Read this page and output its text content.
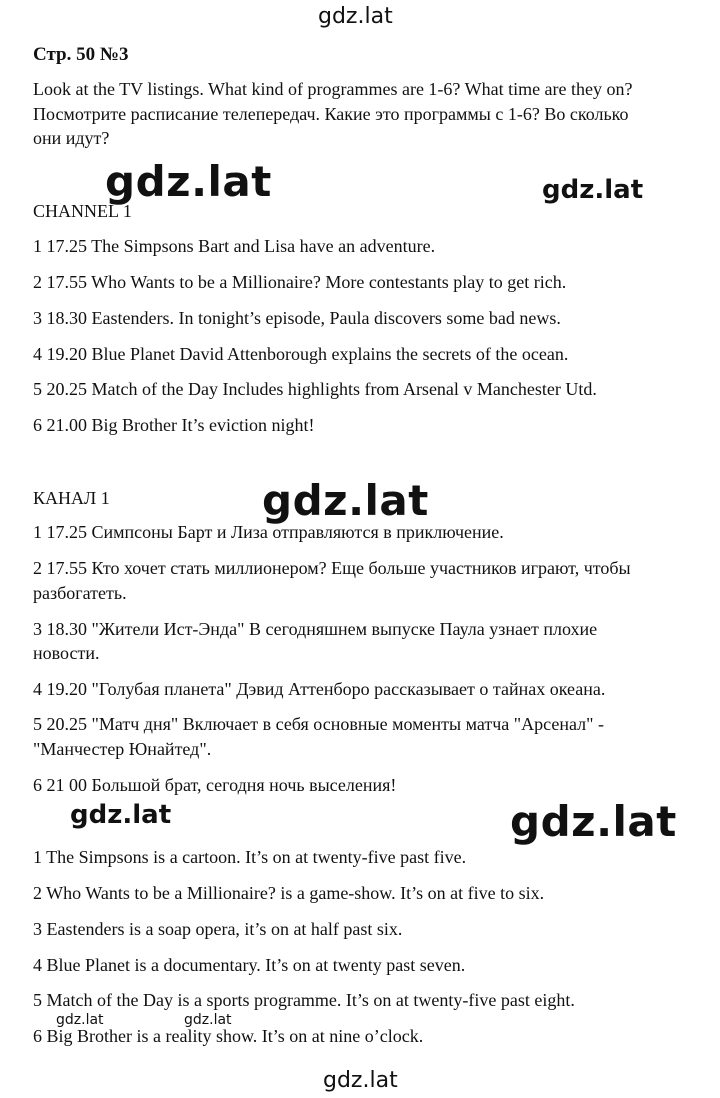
gdz.lat
Стр. 50 №3
Look at the TV listings. What kind of programmes are 1-6? What time are they on?
Посмотрите расписание телепередач. Какие это программы с 1-6? Во сколько
они идут?
CHANNEL 1
gdz.lat	gdz.lat
1 17.25 The Simpsons Bart and Lisa have an adventure.
2 17.55 Who Wants to be a Millionaire? More contestants play to get rich.
3 18.30 Eastenders. In tonight’s episode, Paula discovers some bad news.
4 19.20 Blue Planet David Attenborough explains the secrets of the ocean.
5 20.25 Match of the Day Includes highlights from Arsenal v Manchester Utd.
6 21.00 Big Brother It’s eviction night!
КАНАЛ 1	gdz.lat
1 17.25 Симпсоны Барт и Лиза отправляются в приключение.
2 17.55 Кто хочет стать миллионером? Еще больше участников играют, чтобы
разбогатеть.
3 18.30 "Жители Ист-Энда" В сегодняшнем выпуске Паула узнает плохие
новости.
4 19.20 "Голубая планета" Дэвид Аттенборо рассказывает о тайнах океана.
5 20.25 "Матч дня" Включает в себя основные моменты матча "Арсенал" -
"Манчестер Юнайтед".
6 21 00 Большой брат, сегодня ночь выселения!
gdz.lat	gdz.lat
1 The Simpsons is a cartoon. It’s on at twenty-five past five.
2 Who Wants to be a Millionaire? is a game-show. It’s on at five to six.
3 Eastenders is a soap opera, it’s on at half past six.
4 Blue Planet is a documentary. It’s on at twenty past seven.
5 Match of the Day is a sports programme. It’s on at twenty-five past eight.
gdz.lat	gdz.lat
6 Big Brother is a reality show. It’s on at nine o’clock.
gdz.lat
